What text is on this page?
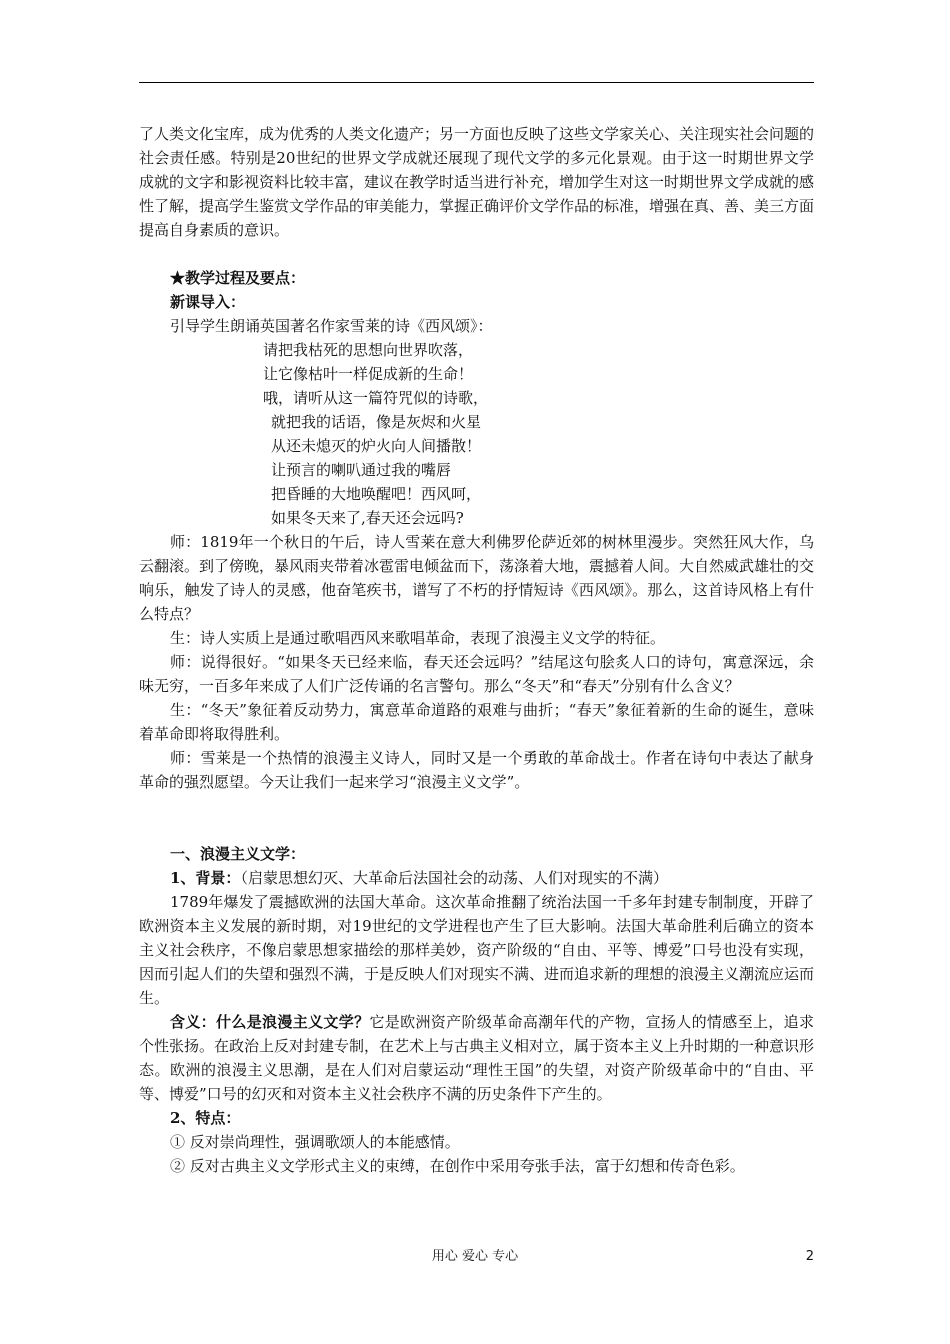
了人类文化宝库，成为优秀的人类文化遗产；另一方面也反映了这些文学家关心、关注现实社会问题的社会责任感。特别是20世纪的世界文学成就还展现了现代文学的多元化景观。由于这一时期世界文学成就的文字和影视资料比较丰富，建议在教学时适当进行补充，增加学生对这一时期世界文学成就的感性了解，提高学生鉴赏文学作品的审美能力，掌握正确评价文学作品的标准，增强在真、善、美三方面提高自身素质的意识。

★教学过程及要点：

新课导入：

引导学生朗诵英国著名作家雪莱的诗《西风颂》：

请把我枯死的思想向世界吹落，
让它像枯叶一样促成新的生命！
哦，请听从这一篇符咒似的诗歌，
就把我的话语，像是灰烬和火星
从还未熄灭的炉火向人间播散！
让预言的喇叭通过我的嘴唇
把昏睡的大地唤醒吧！西风呵，
如果冬天来了,春天还会远吗?

师：1819年一个秋日的午后，诗人雪莱在意大利佛罗伦萨近郊的树林里漫步。突然狂风大作，乌云翻滚。到了傍晚，暴风雨夹带着冰雹雷电倾盆而下，荡涤着大地，震撼着人间。大自然威武雄壮的交响乐，触发了诗人的灵感，他奋笔疾书，谱写了不朽的抒情短诗《西风颂》。那么，这首诗风格上有什么特点？

生：诗人实质上是通过歌唱西风来歌唱革命，表现了浪漫主义文学的特征。

师：说得很好。“如果冬天已经来临，春天还会远吗？”结尾这句脍炙人口的诗句，寓意深远，余味无穷，一百多年来成了人们广泛传诵的名言警句。那么“冬天”和“春天”分别有什么含义？

生：“冬天”象征着反动势力，寓意革命道路的艰难与曲折；“春天”象征着新的生命的诞生，意味着革命即将取得胜利。

师：雪莱是一个热情的浪漫主义诗人，同时又是一个勇敢的革命战士。作者在诗句中表达了献身革命的强烈愿望。今天让我们一起来学习“浪漫主义文学”。

一、浪漫主义文学：

1、背景：（启蒙思想幻灭、大革命后法国社会的动荡、人们对现实的不满）

1789年爆发了震撼欧洲的法国大革命。这次革命推翻了统治法国一千多年封建专制制度，开辟了欧洲资本主义发展的新时期，对19世纪的文学进程也产生了巨大影响。法国大革命胜利后确立的资本主义社会秩序，不像启蒙思想家描绘的那样美妙，资产阶级的“自由、平等、博爱”口号也没有实现，因而引起人们的失望和强烈不满，于是反映人们对现实不满、进而追求新的理想的浪漫主义潮流应运而生。

含义：什么是浪漫主义文学？它是欧洲资产阶级革命高潮年代的产物，宣扬人的情感至上，追求个性张扬。在政治上反对封建专制，在艺术上与古典主义相对立，属于资本主义上升时期的一种意识形态。欧洲的浪漫主义思潮，是在人们对启蒙运动“理性王国”的失望，对资产阶级革命中的“自由、平等、博爱”口号的幻灭和对资本主义社会秩序不满的历史条件下产生的。

2、特点：

① 反对崇尚理性，强调歌颂人的本能感情。

② 反对古典主义文学形式主义的束缚，在创作中采用夸张手法，富于幻想和传奇色彩。

用心 爱心 专心	2
